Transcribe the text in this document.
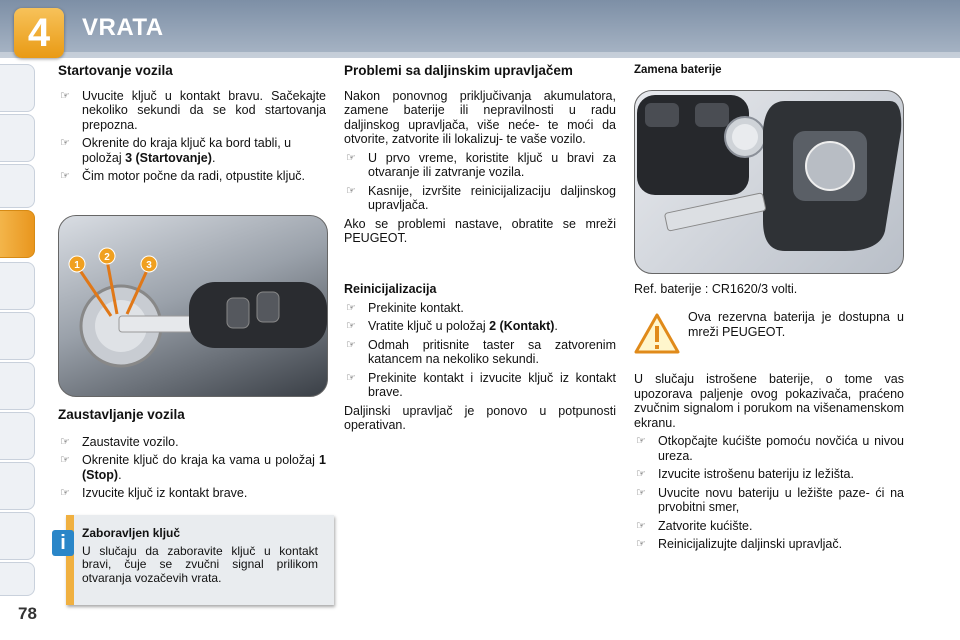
4	VRATA
Startovanje vozila
☞ Uvucite ključ u kontakt bravu. Sačekajte nekoliko sekundi da se kod startovanja prepozna.
☞ Okrenite do kraja ključ ka bord tabli, u položaj 3 (Startovanje).
☞ Čim motor počne da radi, otpustite ključ.
1
2
3
Zaustavljanje vozila
☞ Zaustavite vozilo.
☞ Okrenite ključ do kraja ka vama u položaj 1 (Stop).
☞ Izvucite ključ iz kontakt brave.
Zaboravljen ključ
U slučaju da zaboravite ključ u kontakt bravi, čuje se zvučni signal prilikom otvaranja vozačevih vrata.
i
Problemi sa daljinskim upravljačem

Nakon ponovnog priključivanja akumulatora, zamene baterije ili nepravilnosti u radu daljinskog upravljača, više neće- te moći da otvorite, zatvorite ili lokalizuj- te vaše vozilo.

☞ U prvo vreme, koristite ključ u bravi za otvaranje ili zatvranje vozila.
☞ Kasnije, izvršite reinicijalizaciju daljinskog upravljača.

Ako se problemi nastave, obratite se mreži PEUGEOT.

Reinicijalizacija
☞ Prekinite kontakt.
☞ Vratite ključ u položaj 2 (Kontakt).
☞ Odmah pritisnite taster sa zatvorenim katancem na nekoliko sekundi.
☞ Prekinite kontakt i izvucite ključ iz kontakt brave.

Daljinski upravljač je ponovo u potpunosti operativan.

Zamena baterije
Ref. baterije : CR1620/3 volti.
Ova rezervna baterija je dostupna u mreži PEUGEOT.

U slučaju istrošene baterije, o tome vas upozorava paljenje ovog pokazivača, praćeno zvučnim signalom i porukom na višenamenskom ekranu.

☞ Otkopčajte kućište pomoću novčića u nivou ureza.
☞ Izvucite istrošenu bateriju iz ležišta.
☞ Uvucite novu bateriju u ležište paze- ći na prvobitni smer,
☞ Zatvorite kućište.
☞ Reinicijalizujte daljinski upravljač.
78
